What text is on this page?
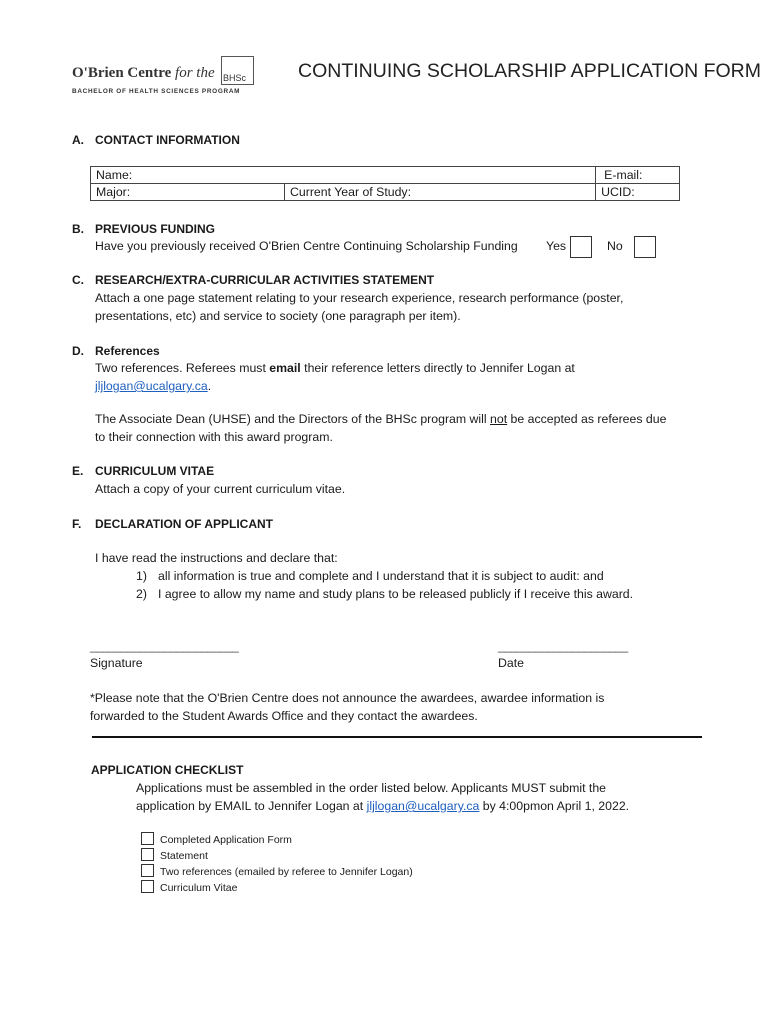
O'Brien Centre for the BHSc
BACHELOR OF HEALTH SCIENCES PROGRAM
CONTINUING SCHOLARSHIP APPLICATION FORM
A. CONTACT INFORMATION
Name:		E-mail:
Major:	Current Year of Study:	UCID:
B. PREVIOUS FUNDING
Have you previously received O'Brien Centre Continuing Scholarship Funding Yes	No
C. RESEARCH/EXTRA-CURRICULAR ACTIVITIES STATEMENT
Attach a one page statement relating to your research experience, research performance (poster,
presentations, etc) and service to society (one paragraph per item).
D. References
Two references. Referees must email their reference letters directly to Jennifer Logan at
jljlogan@ucalgary.ca.
The Associate Dean (UHSE) and the Directors of the BHSc program will not be accepted as referees due
to their connection with this award program.
E. CURRICULUM VITAE
Attach a copy of your current curriculum vitae.
F. DECLARATION OF APPLICANT
I have read the instructions and declare that:
1) all information is true and complete and I understand that it is subject to audit: and
2) I agree to allow my name and study plans to be released publicly if I receive this award.
________________________
Signature
_____________________
Date
*Please note that the O'Brien Centre does not announce the awardees, awardee information is
forwarded to the Student Awards Office and they contact the awardees.
APPLICATION CHECKLIST
Applications must be assembled in the order listed below. Applicants MUST submit the
application by EMAIL to Jennifer Logan at jljlogan@ucalgary.ca by 4:00pmon April 1, 2022.
Completed Application Form
Statement
Two references (emailed by referee to Jennifer Logan)
Curriculum Vitae
